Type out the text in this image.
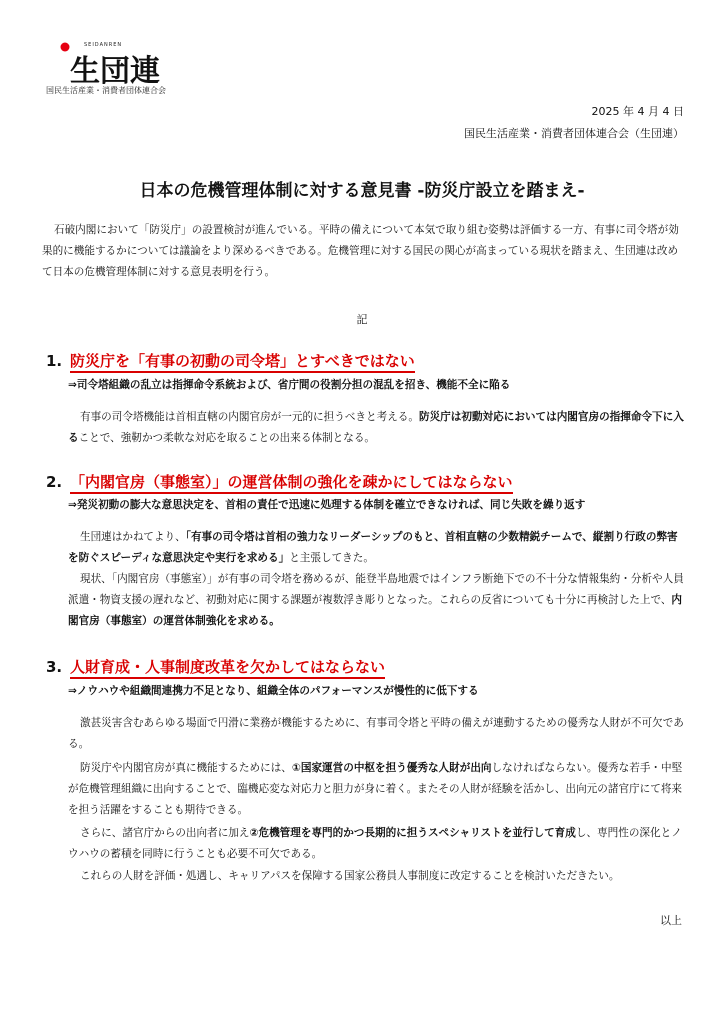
SEIDANREN
生団連
国民生活産業・消費者団体連合会
2025 年 4 月 4 日
国民生活産業・消費者団体連合会（生団連）
日本の危機管理体制に対する意見書 -防災庁設立を踏まえ-

石破内閣において「防災庁」の設置検討が進んでいる。平時の備えについて本気で取り組む姿勢は評価する一方、有事に司令塔が効果的に機能するかについては議論をより深めるべきである。危機管理に対する国民の関心が高まっている現状を踏まえ、生団連は改めて日本の危機管理体制に対する意見表明を行う。

記
1. 防災庁を「有事の初動の司令塔」とすべきではない
⇒司令塔組織の乱立は指揮命令系統および、省庁間の役割分担の混乱を招き、機能不全に陥る

有事の司令塔機能は首相直轄の内閣官房が一元的に担うべきと考える。防災庁は初動対応においては内閣官房の指揮命令下に入ることで、強靭かつ柔軟な対応を取ることの出来る体制となる。

2. 「内閣官房（事態室）」の運営体制の強化を疎かにしてはならない
⇒発災初動の膨大な意思決定を、首相の責任で迅速に処理する体制を確立できなければ、同じ失敗を繰り返す

生団連はかねてより、「有事の司令塔は首相の強力なリーダーシップのもと、首相直轄の少数精鋭チームで、縦割り行政の弊害を防ぐスピーディな意思決定や実行を求める」と主張してきた。

現状、「内閣官房（事態室）」が有事の司令塔を務めるが、能登半島地震ではインフラ断絶下での不十分な情報集約・分析や人員派遣・物資支援の遅れなど、初動対応に関する課題が複数浮き彫りとなった。これらの反省についても十分に再検討した上で、内閣官房（事態室）の運営体制強化を求める。

3. 人財育成・人事制度改革を欠かしてはならない
⇒ノウハウや組織間連携力不足となり、組織全体のパフォーマンスが慢性的に低下する

激甚災害含むあらゆる場面で円滑に業務が機能するために、有事司令塔と平時の備えが連動するための優秀な人財が不可欠である。

防災庁や内閣官房が真に機能するためには、①国家運営の中枢を担う優秀な人財が出向しなければならない。優秀な若手・中堅が危機管理組織に出向することで、臨機応変な対応力と胆力が身に着く。またその人財が経験を活かし、出向元の諸官庁にて将来を担う活躍をすることも期待できる。

さらに、諸官庁からの出向者に加え②危機管理を専門的かつ長期的に担うスペシャリストを並行して育成し、専門性の深化とノウハウの蓄積を同時に行うことも必要不可欠である。

これらの人財を評価・処遇し、キャリアパスを保障する国家公務員人事制度に改定することを検討いただきたい。

以上
